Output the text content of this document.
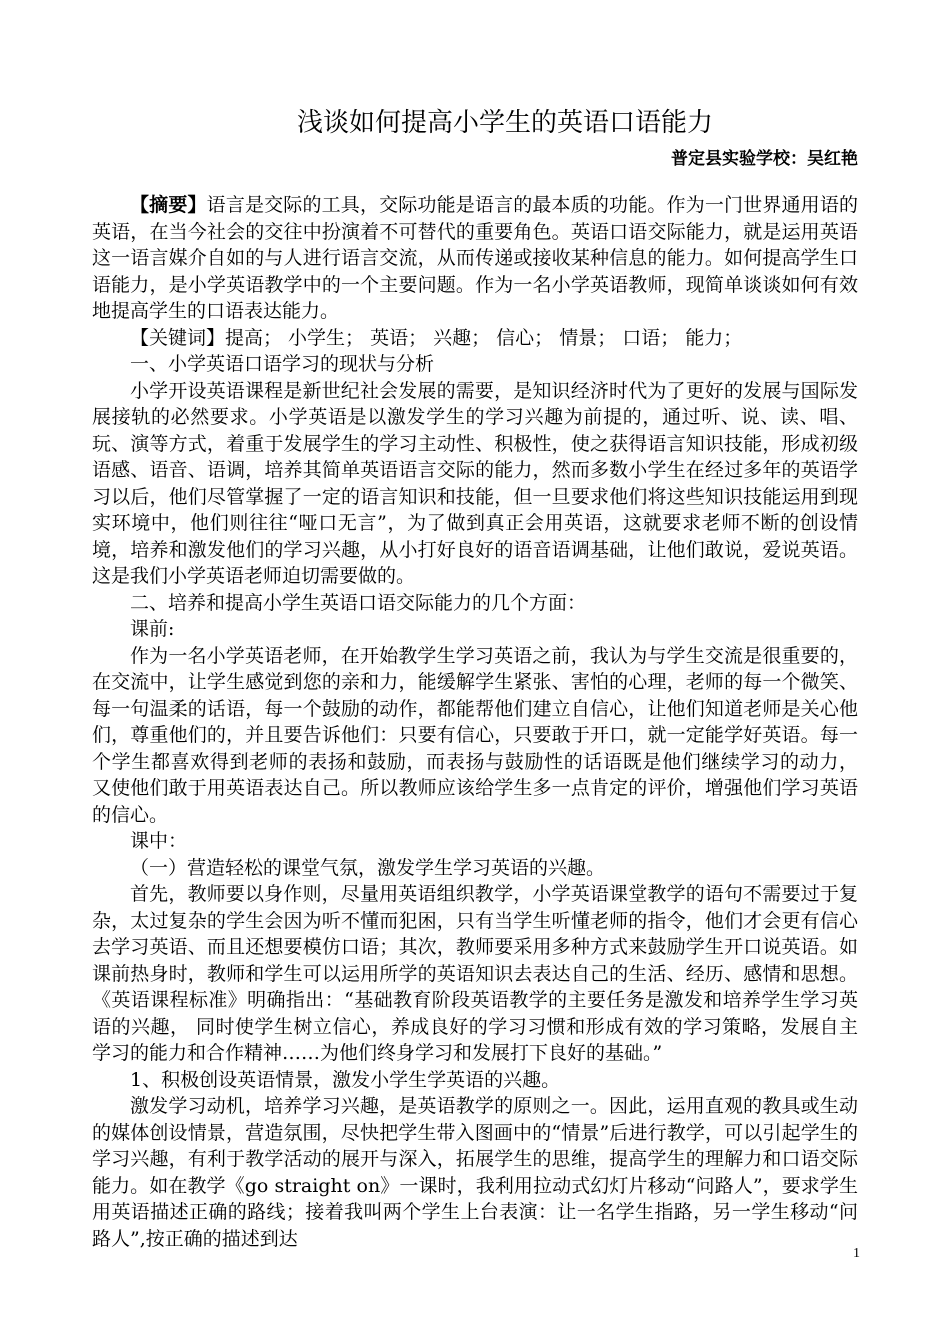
浅谈如何提高小学生的英语口语能力
普定县实验学校：吴红艳

【摘要】语言是交际的工具，交际功能是语言的最本质的功能。作为一门世界通用语的英语，在当今社会的交往中扮演着不可替代的重要角色。英语口语交际能力，就是运用英语这一语言媒介自如的与人进行语言交流，从而传递或接收某种信息的能力。如何提高学生口语能力，是小学英语教学中的一个主要问题。作为一名小学英语教师，现简单谈谈如何有效地提高学生的口语表达能力。

【关键词】提高； 小学生； 英语； 兴趣； 信心； 情景； 口语； 能力；

一、小学英语口语学习的现状与分析

小学开设英语课程是新世纪社会发展的需要，是知识经济时代为了更好的发展与国际发展接轨的必然要求。小学英语是以激发学生的学习兴趣为前提的，通过听、说、读、唱、玩、演等方式，着重于发展学生的学习主动性、积极性，使之获得语言知识技能，形成初级语感、语音、语调，培养其简单英语语言交际的能力，然而多数小学生在经过多年的英语学习以后，他们尽管掌握了一定的语言知识和技能，但一旦要求他们将这些知识技能运用到现实环境中，他们则往往“哑口无言”，为了做到真正会用英语，这就要求老师不断的创设情境，培养和激发他们的学习兴趣，从小打好良好的语音语调基础，让他们敢说，爱说英语。这是我们小学英语老师迫切需要做的。

二、培养和提高小学生英语口语交际能力的几个方面：

课前:

作为一名小学英语老师，在开始教学生学习英语之前，我认为与学生交流是很重要的，在交流中，让学生感觉到您的亲和力，能缓解学生紧张、害怕的心理，老师的每一个微笑、每一句温柔的话语，每一个鼓励的动作，都能帮他们建立自信心，让他们知道老师是关心他们，尊重他们的，并且要告诉他们：只要有信心，只要敢于开口，就一定能学好英语。每一个学生都喜欢得到老师的表扬和鼓励，而表扬与鼓励性的话语既是他们继续学习的动力， 又使他们敢于用英语表达自己。所以教师应该给学生多一点肯定的评价，增强他们学习英语的信心。

课中：

（一）营造轻松的课堂气氛，激发学生学习英语的兴趣。

首先，教师要以身作则，尽量用英语组织教学，小学英语课堂教学的语句不需要过于复杂，太过复杂的学生会因为听不懂而犯困，只有当学生听懂老师的指令，他们才会更有信心去学习英语、而且还想要模仿口语；其次，教师要采用多种方式来鼓励学生开口说英语。如课前热身时，教师和学生可以运用所学的英语知识去表达自己的生活、经历、感情和思想。《英语课程标准》明确指出：“基础教育阶段英语教学的主要任务是激发和培养学生学习英语的兴趣， 同时使学生树立信心，养成良好的学习习惯和形成有效的学习策略，发展自主学习的能力和合作精神……为他们终身学习和发展打下良好的基础。”

1、积极创设英语情景，激发小学生学英语的兴趣。

激发学习动机，培养学习兴趣，是英语教学的原则之一。因此，运用直观的教具或生动的媒体创设情景，营造氛围，尽快把学生带入图画中的“情景”后进行教学，可以引起学生的学习兴趣，有利于教学活动的展开与深入，拓展学生的思维，提高学生的理解力和口语交际能力。如在教学《go straight on》一课时，我利用拉动式幻灯片移动“问路人”，要求学生用英语描述正确的路线；接着我叫两个学生上台表演：让一名学生指路，另一学生移动“问路人”,按正确的描述到达

1
